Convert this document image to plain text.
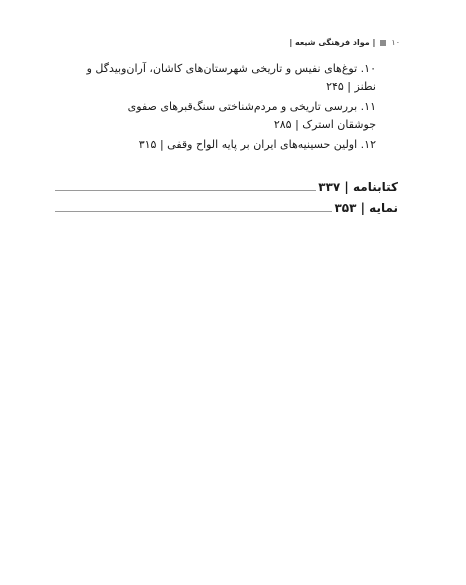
۱۰
| مواد فرهنگی شیعه |
۱۰. توغ‌های نفیس و تاریخی شهرستان‌های کاشان، آران‌وبیدگل و نطنز | ۲۴۵
۱۱. بررسی تاریخی و مردم‌شناختی سنگ‌قبرهای صفوی جوشقان استرک | ۲۸۵
۱۲. اولین حسینیه‌های ایران بر پایه الواح وقفی | ۳۱۵
کتابنامه | ۳۳۷
نمایه | ۳۵۳
